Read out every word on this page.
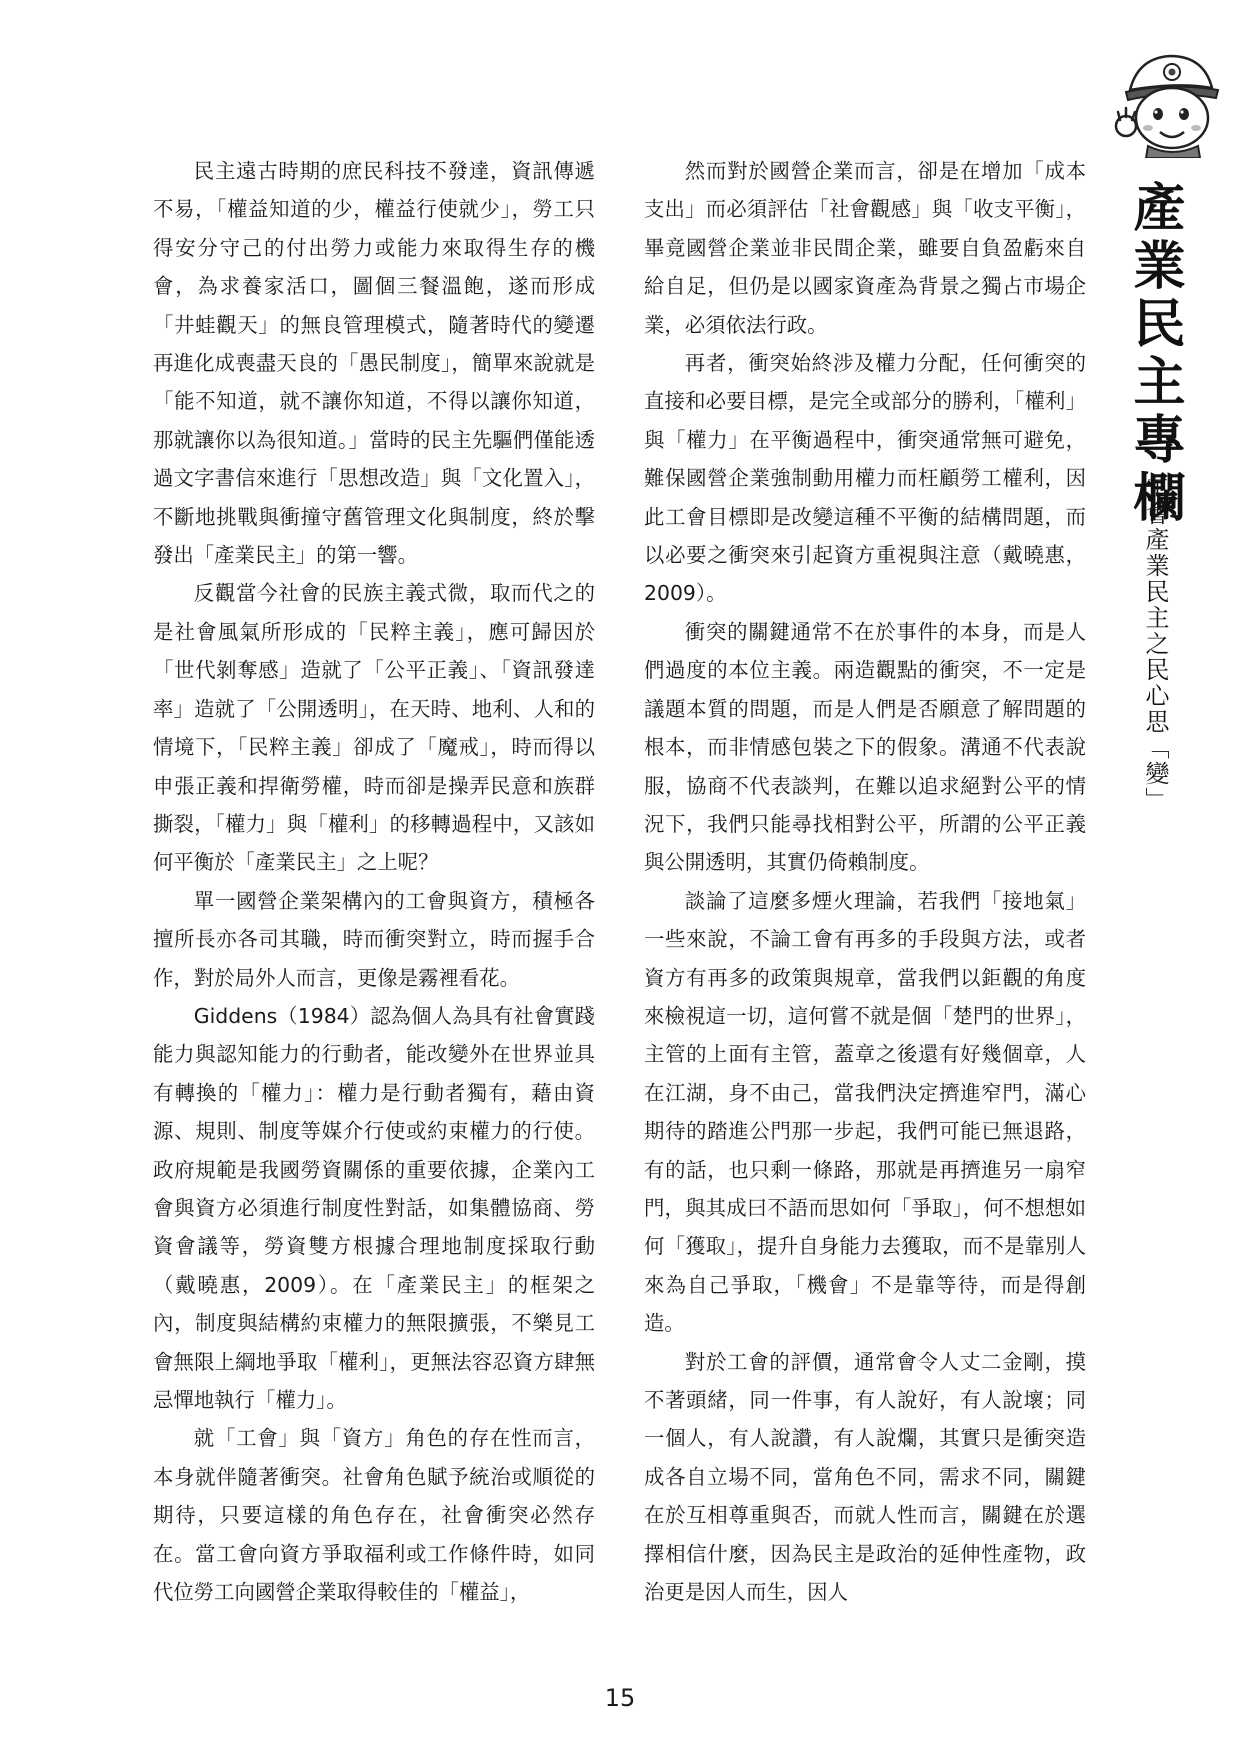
產業民主專欄
工會產業民主之民心思「變」

民主遠古時期的庶民科技不發達，資訊傳遞不易，「權益知道的少，權益行使就少」，勞工只得安分守己的付出勞力或能力來取得生存的機會，為求養家活口，圖個三餐溫飽，遂而形成「井蛙觀天」的無良管理模式，隨著時代的變遷再進化成喪盡天良的「愚民制度」，簡單來說就是「能不知道，就不讓你知道，不得以讓你知道，那就讓你以為很知道。」當時的民主先驅們僅能透過文字書信來進行「思想改造」與「文化置入」，不斷地挑戰與衝撞守舊管理文化與制度，終於擊發出「產業民主」的第一響。

反觀當今社會的民族主義式微，取而代之的是社會風氣所形成的「民粹主義」，應可歸因於「世代剝奪感」造就了「公平正義」、「資訊發達率」造就了「公開透明」，在天時、地利、人和的情境下，「民粹主義」卻成了「魔戒」，時而得以申張正義和捍衛勞權，時而卻是操弄民意和族群撕裂，「權力」與「權利」的移轉過程中，又該如何平衡於「產業民主」之上呢？

單一國營企業架構內的工會與資方，積極各擅所長亦各司其職，時而衝突對立，時而握手合作，對於局外人而言，更像是霧裡看花。

Giddens（1984）認為個人為具有社會實踐能力與認知能力的行動者，能改變外在世界並具有轉換的「權力」：權力是行動者獨有，藉由資源、規則、制度等媒介行使或約束權力的行使。政府規範是我國勞資關係的重要依據，企業內工會與資方必須進行制度性對話，如集體協商、勞資會議等，勞資雙方根據合理地制度採取行動（戴曉惠，2009）。在「產業民主」的框架之內，制度與結構約束權力的無限擴張，不樂見工會無限上綱地爭取「權利」，更無法容忍資方肆無忌憚地執行「權力」。

就「工會」與「資方」角色的存在性而言，本身就伴隨著衝突。社會角色賦予統治或順從的期待，只要這樣的角色存在，社會衝突必然存在。當工會向資方爭取福利或工作條件時，如同代位勞工向國營企業取得較佳的「權益」，

然而對於國營企業而言，卻是在增加「成本支出」而必須評估「社會觀感」與「收支平衡」，畢竟國營企業並非民間企業，雖要自負盈虧來自給自足，但仍是以國家資產為背景之獨占市場企業，必須依法行政。

再者，衝突始終涉及權力分配，任何衝突的直接和必要目標，是完全或部分的勝利，「權利」與「權力」在平衡過程中，衝突通常無可避免，難保國營企業強制動用權力而枉顧勞工權利，因此工會目標即是改變這種不平衡的結構問題，而以必要之衝突來引起資方重視與注意（戴曉惠，2009）。

衝突的關鍵通常不在於事件的本身，而是人們過度的本位主義。兩造觀點的衝突，不一定是議題本質的問題，而是人們是否願意了解問題的根本，而非情感包裝之下的假象。溝通不代表說服，協商不代表談判，在難以追求絕對公平的情況下，我們只能尋找相對公平，所謂的公平正義與公開透明，其實仍倚賴制度。

談論了這麼多煙火理論，若我們「接地氣」一些來說，不論工會有再多的手段與方法，或者資方有再多的政策與規章，當我們以鉅觀的角度來檢視這一切，這何嘗不就是個「楚門的世界」，主管的上面有主管，蓋章之後還有好幾個章，人在江湖，身不由己，當我們決定擠進窄門，滿心期待的踏進公門那一步起，我們可能已無退路，有的話，也只剩一條路，那就是再擠進另一扇窄門，與其成曰不語而思如何「爭取」，何不想想如何「獲取」，提升自身能力去獲取，而不是靠別人來為自己爭取，「機會」不是靠等待，而是得創造。

對於工會的評價，通常會令人丈二金剛，摸不著頭緒，同一件事，有人說好，有人說壞；同一個人，有人說讚，有人說爛，其實只是衝突造成各自立場不同，當角色不同，需求不同，關鍵在於互相尊重與否，而就人性而言，關鍵在於選擇相信什麼，因為民主是政治的延伸性產物，政治更是因人而生，因人

15
